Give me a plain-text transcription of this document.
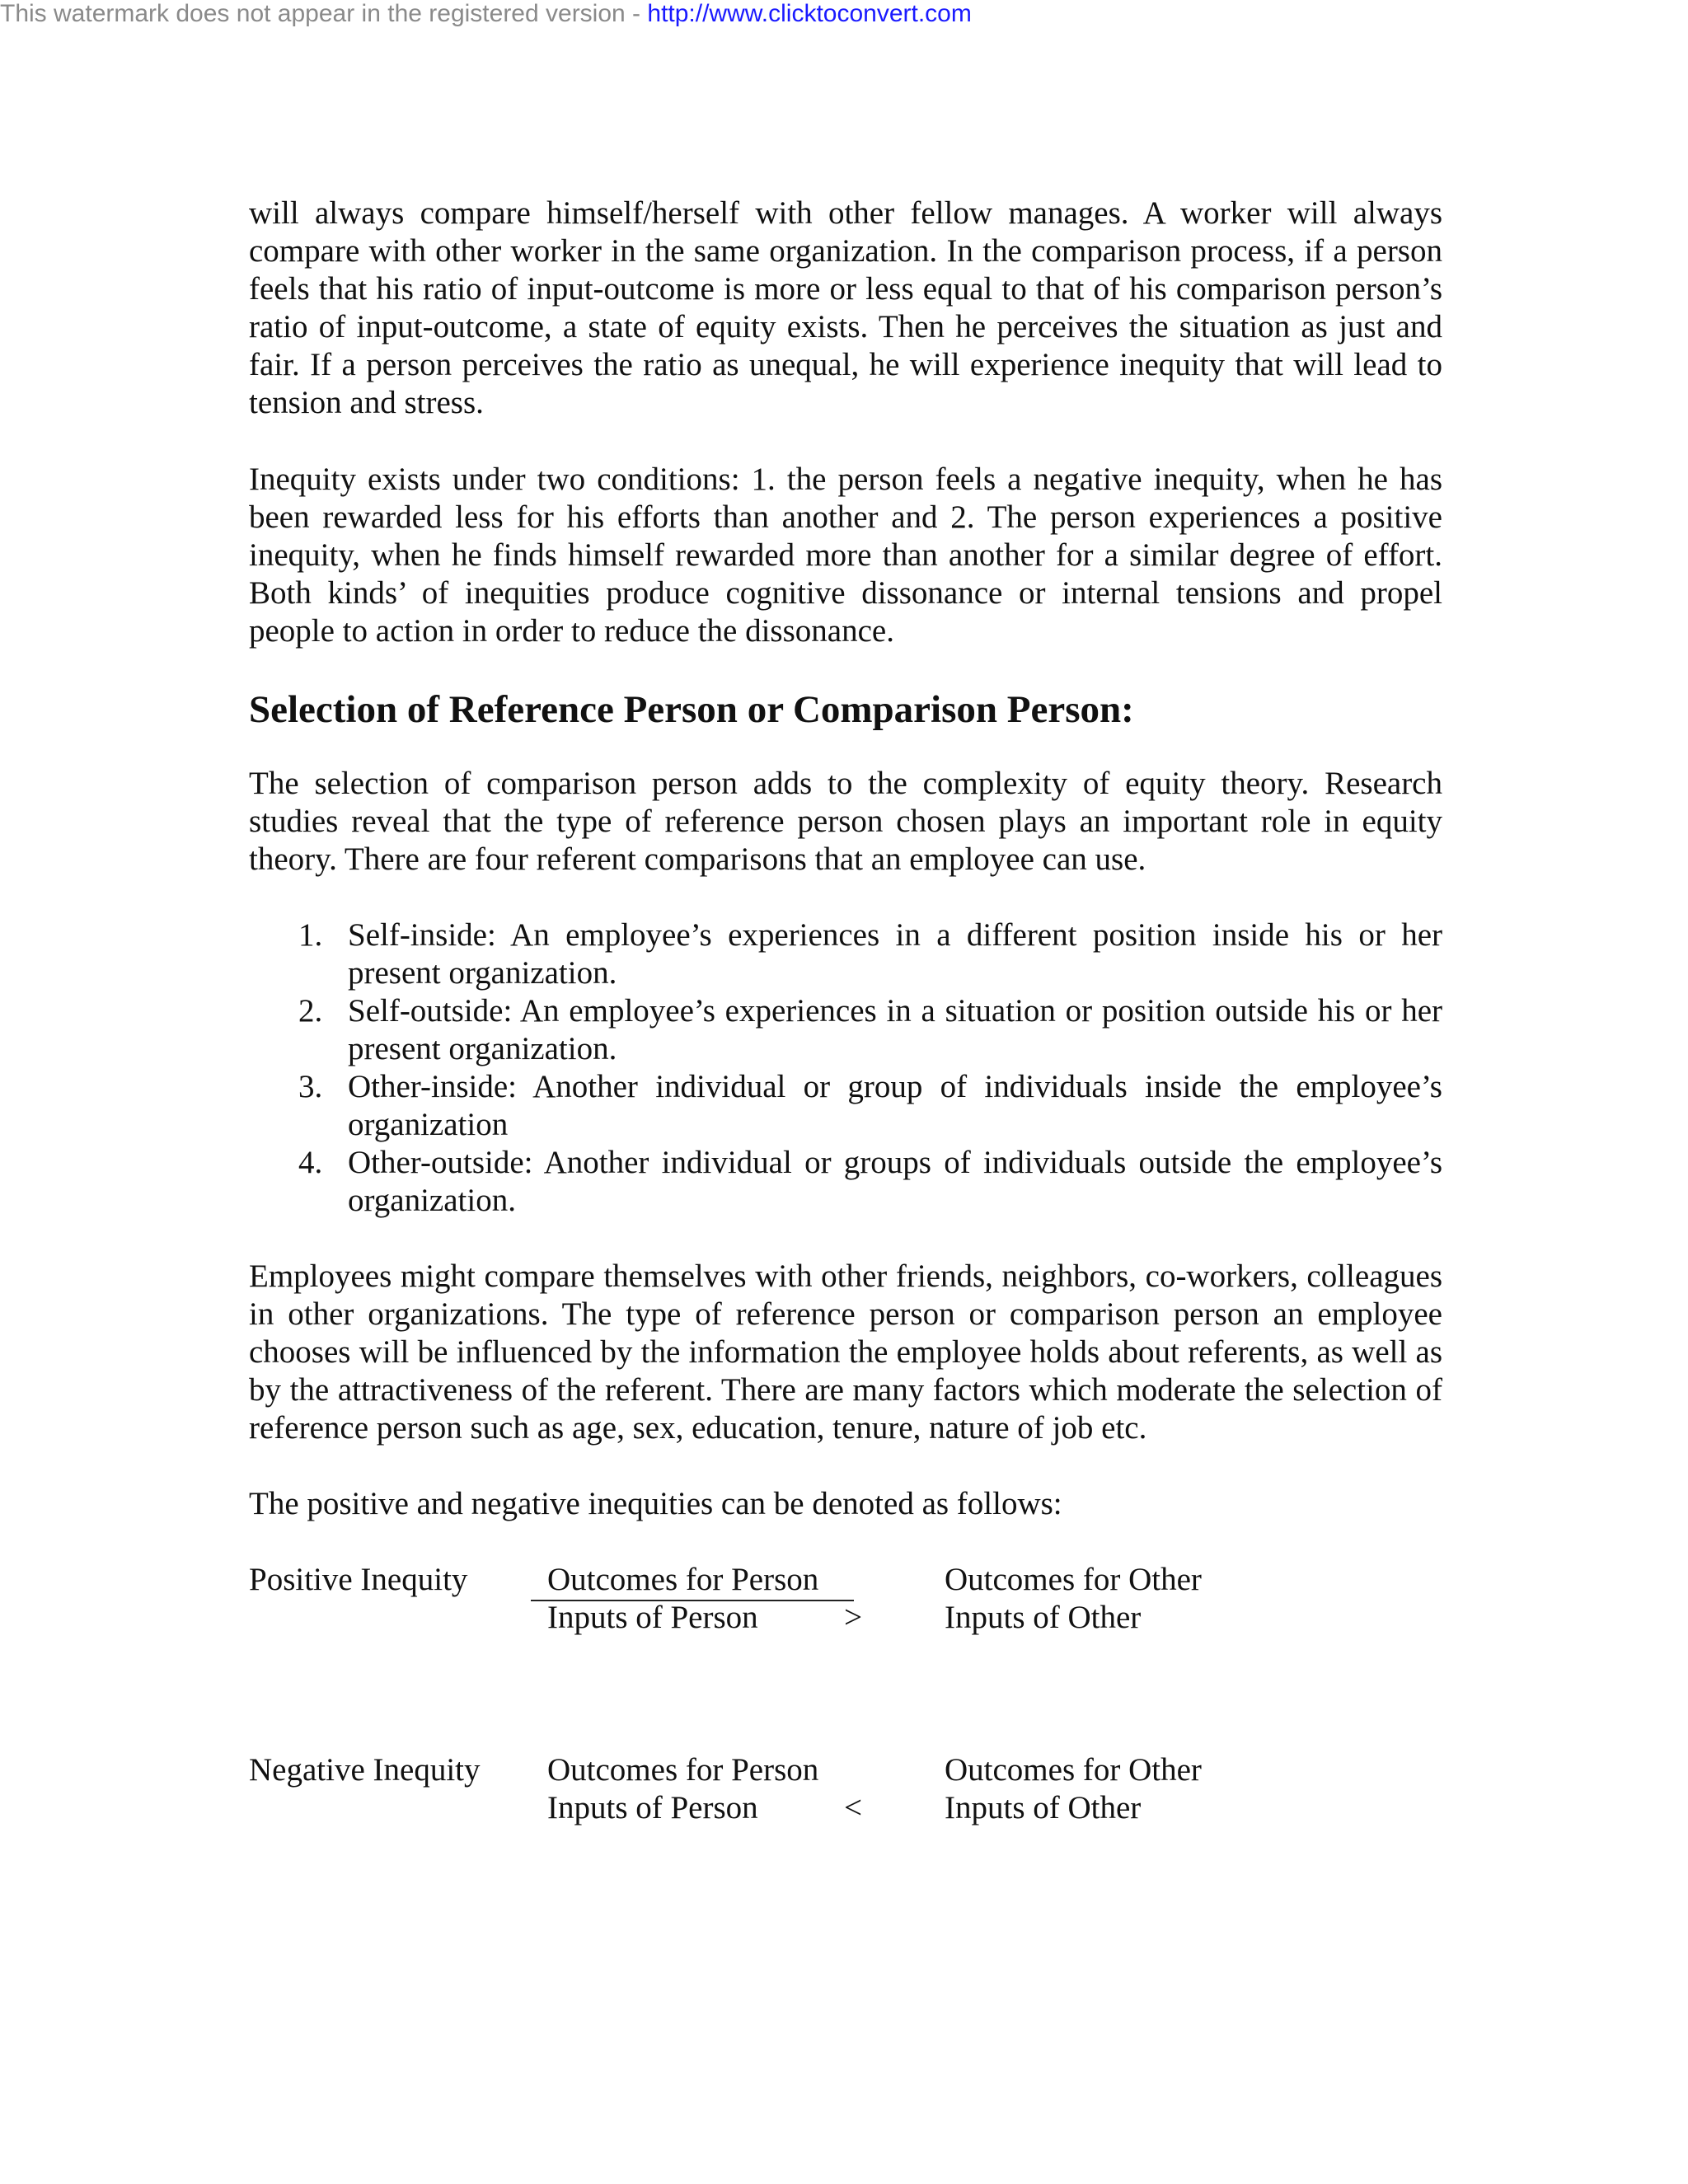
This watermark does not appear in the registered version - http://www.clicktoconvert.com

will always compare himself/herself with other fellow manages. A worker will always compare with other worker in the same organization. In the comparison process, if a person feels that his ratio of input-outcome is more or less equal to that of his comparison person’s ratio of input-outcome, a state of equity exists. Then he perceives the situation as just and fair. If a person perceives the ratio as unequal, he will experience inequity that will lead to tension and stress.

Inequity exists under two conditions: 1. the person feels a negative inequity, when he has been rewarded less for his efforts than another and 2. The person experiences a positive inequity, when he finds himself rewarded more than another for a similar degree of effort. Both kinds’ of inequities produce cognitive dissonance or internal tensions and propel people to action in order to reduce the dissonance.

Selection of Reference Person or Comparison Person:

The selection of comparison person adds to the complexity of equity theory. Research studies reveal that the type of reference person chosen plays an important role in equity theory. There are four referent comparisons that an employee can use.

1. Self-inside: An employee’s experiences in a different position inside his or her present organization.
2. Self-outside: An employee’s experiences in a situation or position outside his or her present organization.
3. Other-inside: Another individual or group of individuals inside the employee’s organization
4. Other-outside: Another individual or groups of individuals outside the employee’s organization.

Employees might compare themselves with other friends, neighbors, co-workers, colleagues in other organizations. The type of reference person or comparison person an employee chooses will be influenced by the information the employee holds about referents, as well as by the attractiveness of the referent. There are many factors which moderate the selection of reference person such as age, sex, education, tenure, nature of job etc.

The positive and negative inequities can be denoted as follows:

Positive Inequity Outcomes for Person
Inputs of Person	>
Outcomes for Other
Inputs of Other
Negative Inequity Outcomes for Person
Inputs of Person	<
Outcomes for Other
Inputs of Other
